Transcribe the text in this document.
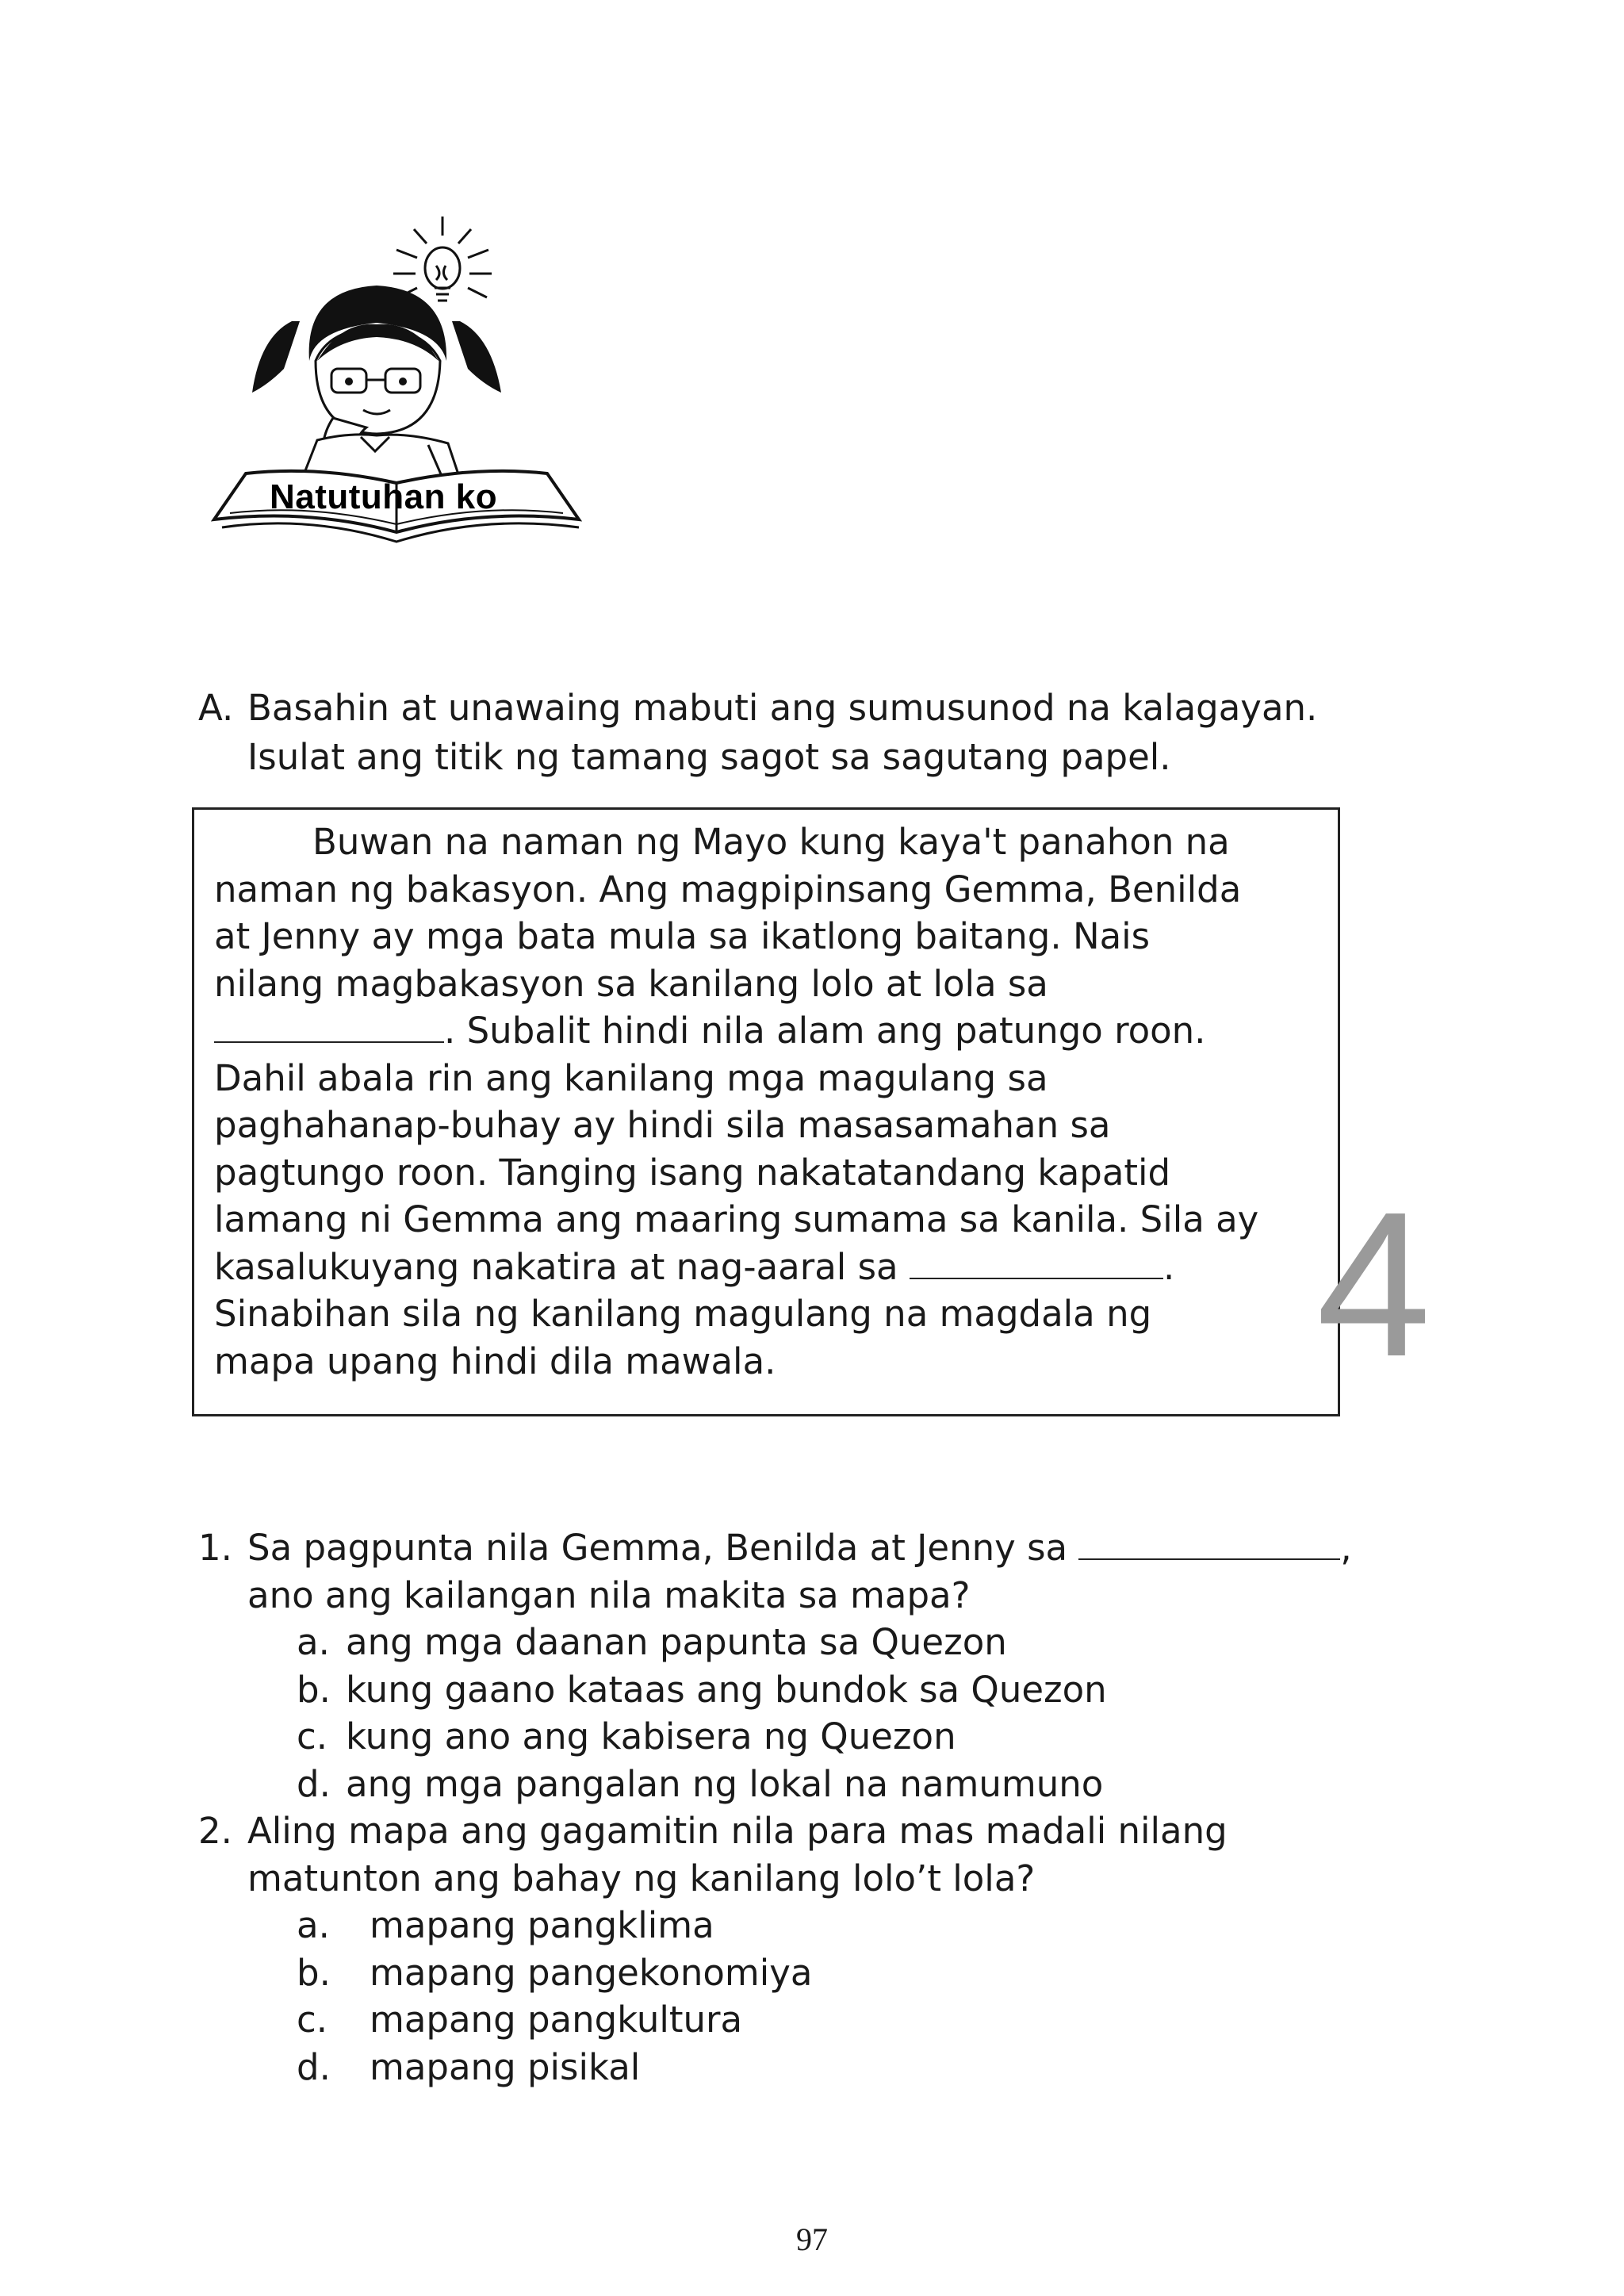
Natutuhan ko
A. Basahin at unawaing mabuti ang sumusunod na kalagayan.
Isulat ang titik ng tamang sagot sa sagutang papel.
Buwan na naman ng Mayo kung kaya't panahon na
naman ng bakasyon. Ang magpipinsang Gemma, Benilda
at Jenny ay mga bata mula sa ikatlong baitang. Nais
nilang magbakasyon sa kanilang lolo at lola sa
. Subalit hindi nila alam ang patungo roon.
Dahil abala rin ang kanilang mga magulang sa
paghahanap-buhay ay hindi sila masasamahan sa
pagtungo roon. Tanging isang nakatatandang kapatid
lamang ni Gemma ang maaring sumama sa kanila. Sila ay
kasalukuyang nakatira at nag-aaral sa	.
Sinabihan sila ng kanilang magulang na magdala ng
mapa upang hindi dila mawala.	4
1. Sa pagpunta nila Gemma, Benilda at Jenny sa	,
ano ang kailangan nila makita sa mapa?
a. ang mga daanan papunta sa Quezon
b. kung gaano kataas ang bundok sa Quezon
c. kung ano ang kabisera ng Quezon
d. ang mga pangalan ng lokal na namumuno
2. Aling mapa ang gagamitin nila para mas madali nilang
matunton ang bahay ng kanilang lolo’t lola?
a.	mapang pangklima
b.	mapang pangekonomiya
c.	mapang pangkultura
d.	mapang pisikal
97
